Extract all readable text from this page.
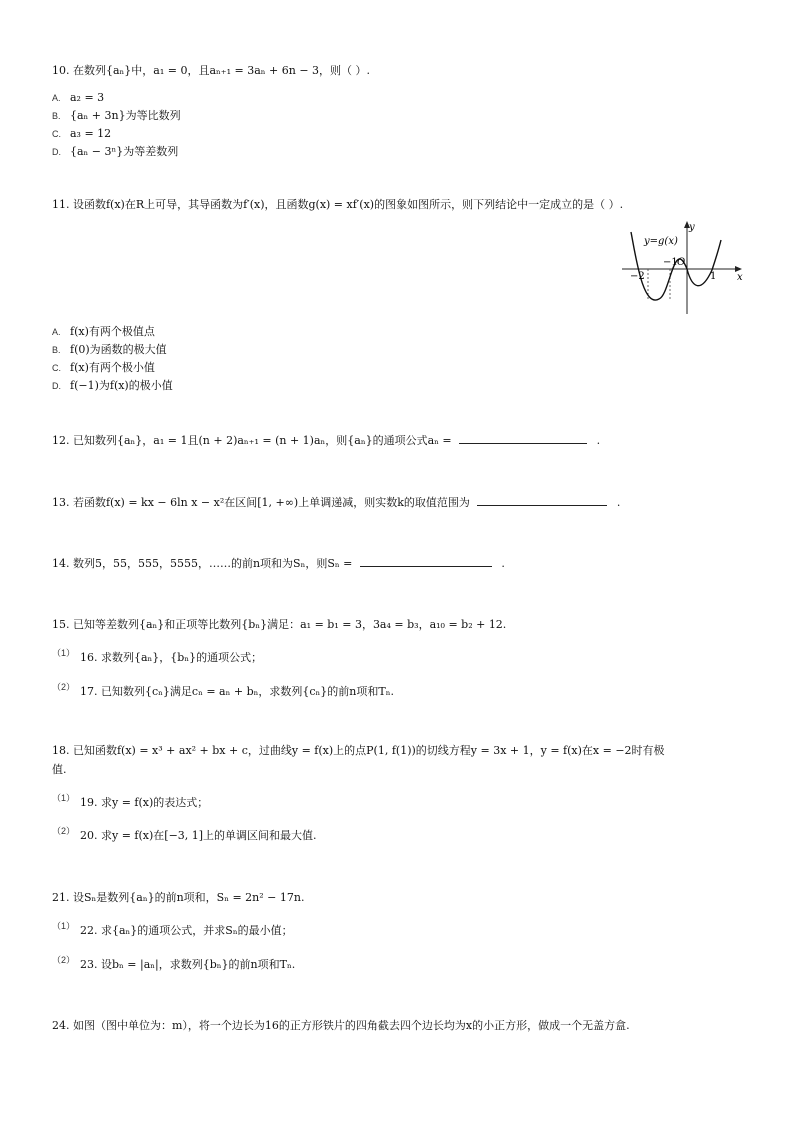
10. 在数列{aₙ}中，a₁ = 0，且aₙ₊₁ = 3aₙ + 6n − 3，则（ ）.
A. a₂ = 3
B. {aₙ + 3n}为等比数列
C. a₃ = 12
D. {aₙ − 3ⁿ}为等差数列
11. 设函数f(x)在R上可导，其导函数为f′(x)，且函数g(x) = xf′(x)的图象如图所示，则下列结论中一定成立的是（ ）.
y
x
y=g(x)
−1 O
−2	1
A. f(x)有两个极值点
B. f(0)为函数的极大值
C. f(x)有两个极小值
D. f(−1)为f(x)的极小值
12. 已知数列{aₙ}，a₁ = 1且(n + 2)aₙ₊₁ = (n + 1)aₙ，则{aₙ}的通项公式aₙ =	.
13. 若函数f(x) = kx − 6ln x − x²在区间[1, +∞)上单调递减，则实数k的取值范围为	.
14. 数列5，55，555，5555，……的前n项和为Sₙ，则Sₙ =	.
15. 已知等差数列{aₙ}和正项等比数列{bₙ}满足：a₁ = b₁ = 3，3a₄ = b₃，a₁₀ = b₂ + 12.
（1） 16. 求数列{aₙ}，{bₙ}的通项公式；
（2） 17. 已知数列{cₙ}满足cₙ = aₙ + bₙ，求数列{cₙ}的前n项和Tₙ.
18. 已知函数f(x) = x³ + ax² + bx + c，过曲线y = f(x)上的点P(1, f(1))的切线方程y = 3x + 1，y = f(x)在x = −2时有极
值.
（1） 19. 求y = f(x)的表达式；
（2） 20. 求y = f(x)在[−3, 1]上的单调区间和最大值.
21. 设Sₙ是数列{aₙ}的前n项和，Sₙ = 2n² − 17n.
（1） 22. 求{aₙ}的通项公式，并求Sₙ的最小值；
（2） 23. 设bₙ = |aₙ|，求数列{bₙ}的前n项和Tₙ.
24. 如图（图中单位为：m），将一个边长为16的正方形铁片的四角截去四个边长均为x的小正方形，做成一个无盖方盒.
